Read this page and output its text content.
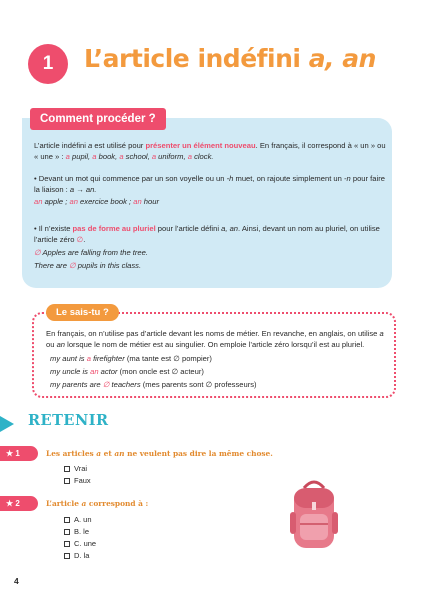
1	L’article indéfini a, an
Comment procéder ?
L’article indéfini a est utilisé pour présenter un élément nouveau. En français, il correspond à « un » ou « une » : a pupil, a book, a school, a uniform, a clock.
• Devant un mot qui commence par un son voyelle ou un -h muet, on rajoute simplement un -n pour faire la liaison : a → an.
an apple ; an exercice book ; an hour
• Il n’existe pas de forme au pluriel pour l’article défini a, an. Ainsi, devant un nom au pluriel, on utilise l’article zéro ∅.
∅ Apples are falling from the tree.
There are ∅ pupils in this class.
Le sais-tu ?
En français, on n’utilise pas d’article devant les noms de métier. En revanche, en anglais, on utilise a ou an lorsque le nom de métier est au singulier. On emploie l’article zéro lorsqu’il est au pluriel.
my aunt is a firefighter (ma tante est ∅ pompier)
my uncle is an actor (mon oncle est ∅ acteur)
my parents are ∅ teachers (mes parents sont ∅ professeurs)
RETENIR
★ 1	Les articles a et an ne veulent pas dire la même chose.
Vrai
Faux
★ 2	L’article a correspond à :
A. un
B. le
C. une
D. la
4
